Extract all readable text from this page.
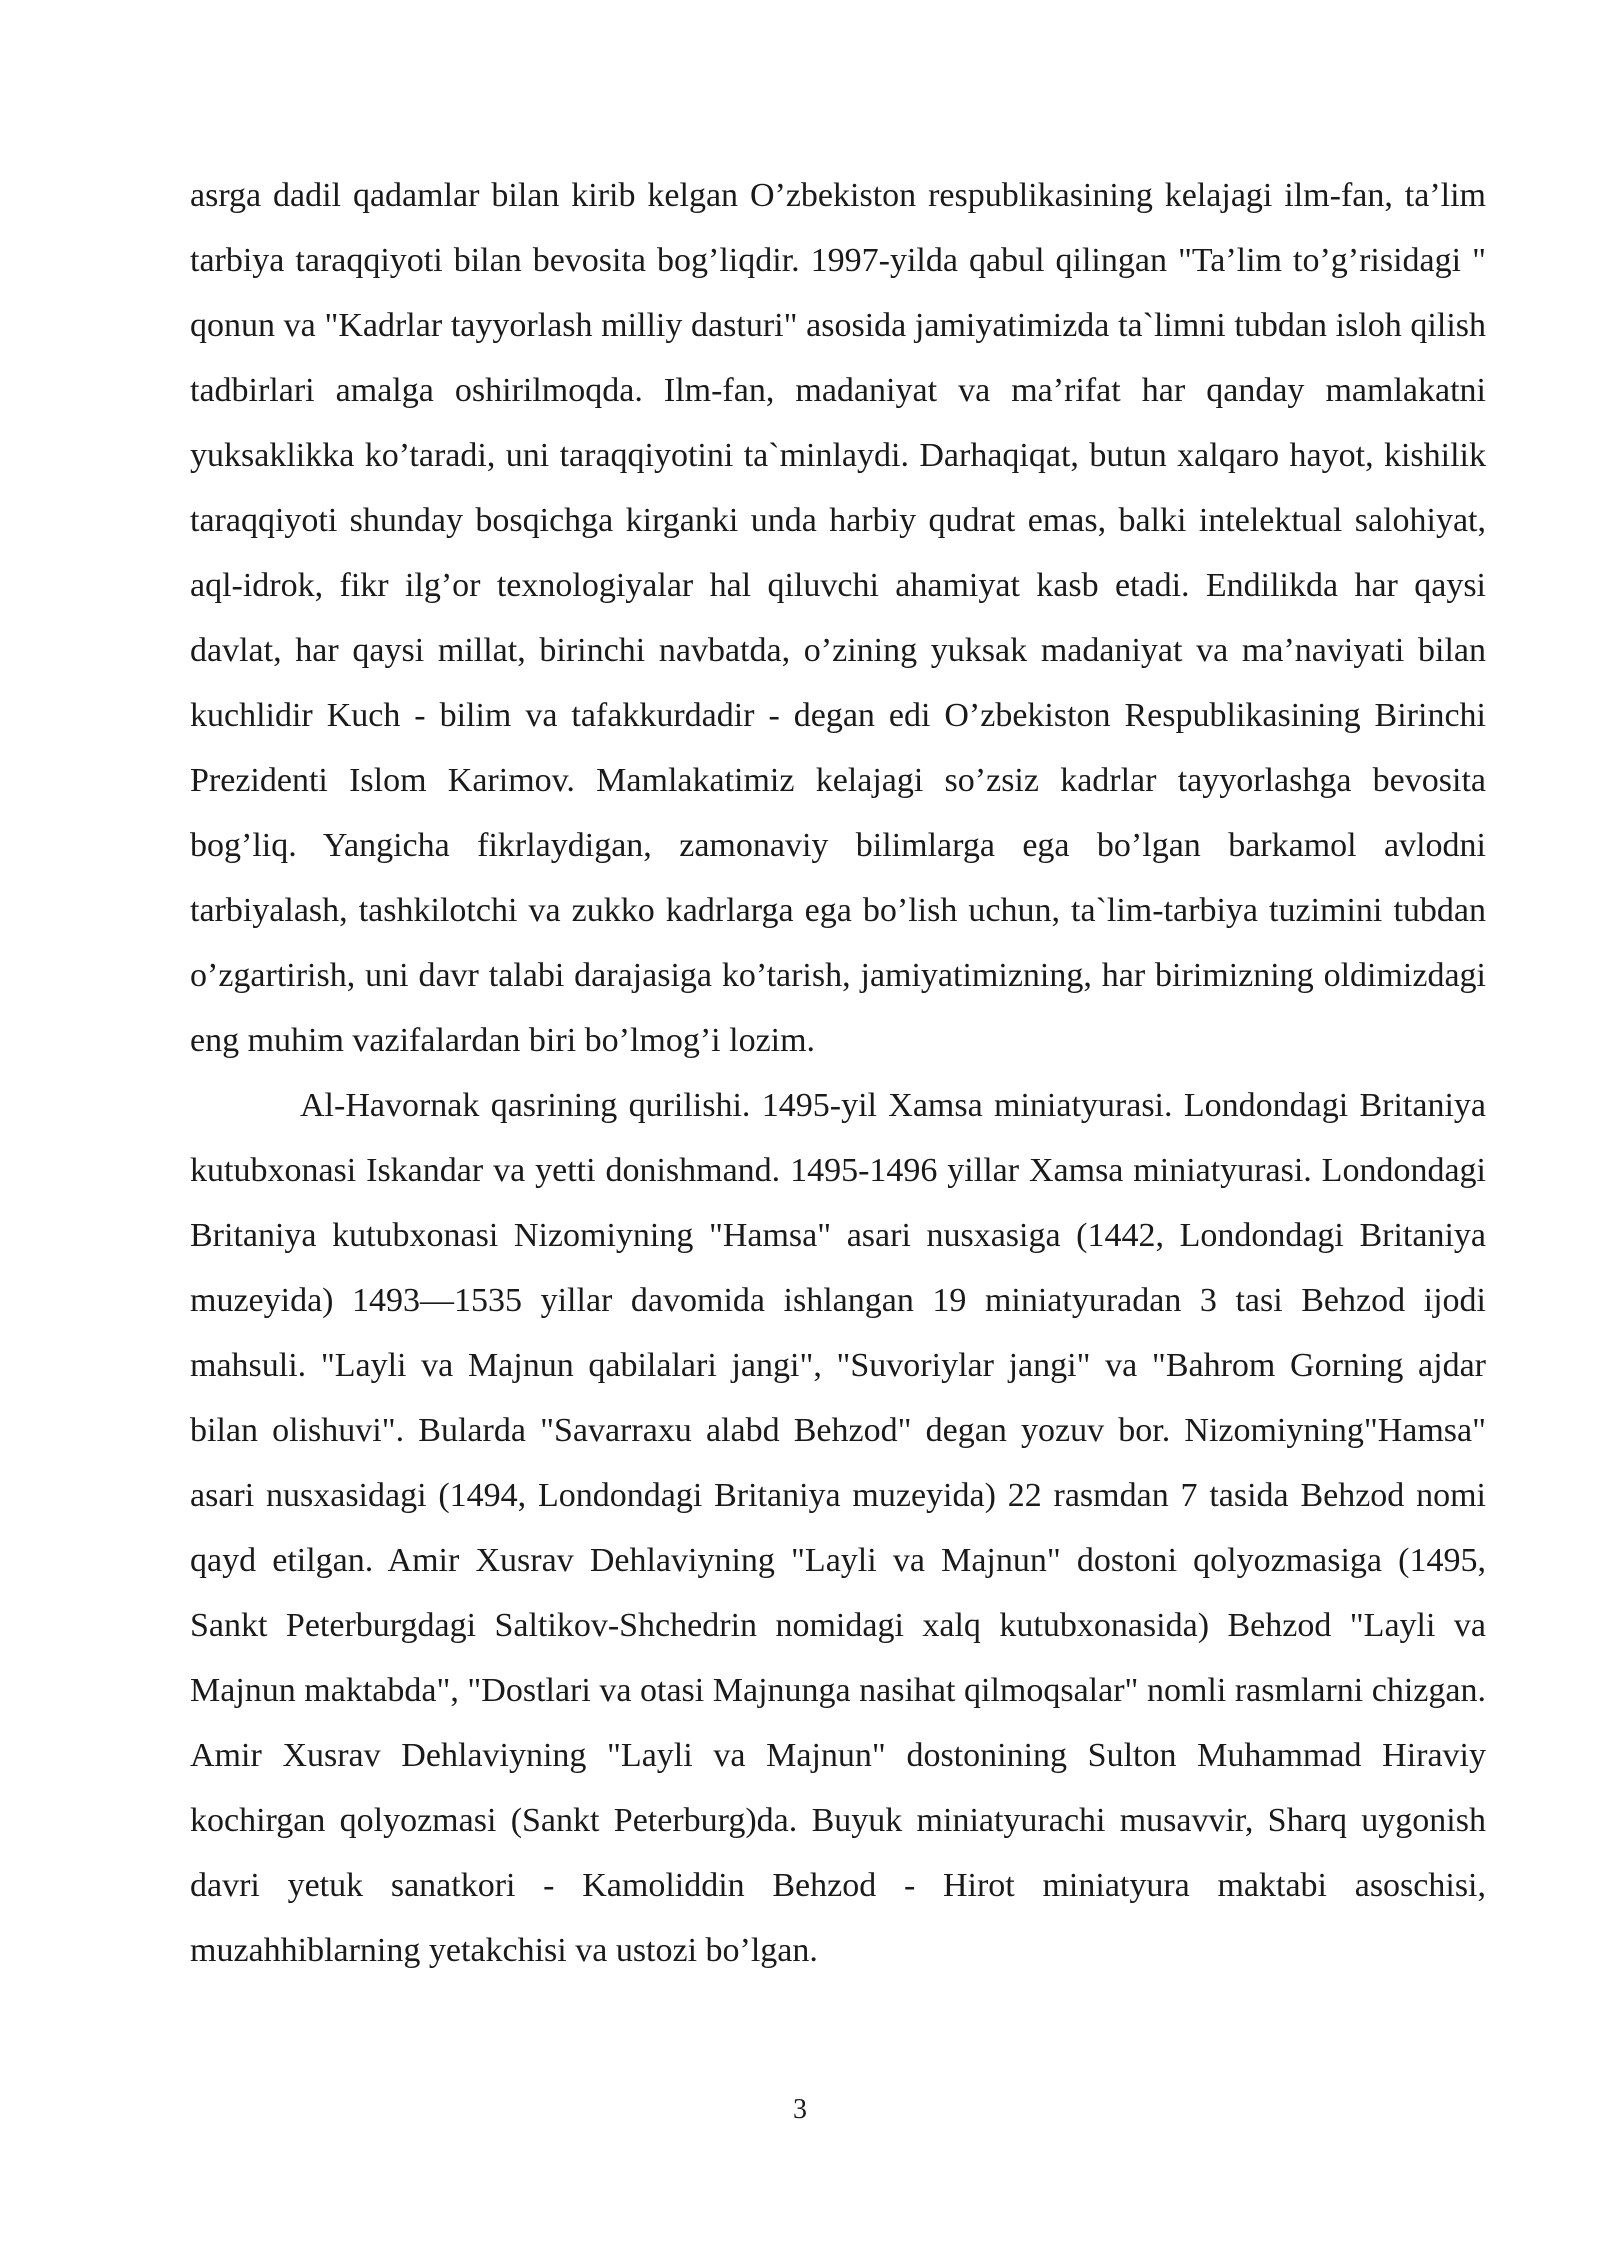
asrga dadil qadamlar bilan kirib kelgan O’zbekiston respublikasining kelajagi ilm-fan, ta’lim tarbiya taraqqiyoti bilan bevosita bog’liqdir. 1997-yilda qabul qilingan "Ta’lim to’g’risidagi " qonun va "Kadrlar tayyorlash milliy dasturi" asosida jamiyatimizda ta`limni tubdan isloh qilish tadbirlari amalga oshirilmoqda. Ilm-fan, madaniyat va ma’rifat har qanday mamlakatni yuksaklikka ko’taradi, uni taraqqiyotini ta`minlaydi. Darhaqiqat, butun xalqaro hayot, kishilik taraqqiyoti shunday bosqichga kirganki unda harbiy qudrat emas, balki intelektual salohiyat, aql-idrok, fikr ilg’or texnologiyalar hal qiluvchi ahamiyat kasb etadi. Endilikda har qaysi davlat, har qaysi millat, birinchi navbatda, o’zining yuksak madaniyat va ma’naviyati bilan kuchlidir Kuch - bilim va tafakkurdadir - degan edi O’zbekiston Respublikasining Birinchi Prezidenti Islom Karimov. Mamlakatimiz kelajagi so’zsiz kadrlar tayyorlashga bevosita bog’liq. Yangicha fikrlaydigan, zamonaviy bilimlarga ega bo’lgan barkamol avlodni tarbiyalash, tashkilotchi va zukko kadrlarga ega bo’lish uchun, ta`lim-tarbiya tuzimini tubdan o’zgartirish, uni davr talabi darajasiga ko’tarish, jamiyatimizning, har birimizning oldimizdagi eng muhim vazifalardan biri bo’lmog’i lozim.

Al-Havornak qasrining qurilishi. 1495-yil Xamsa miniatyurasi. Londondagi Britaniya kutubxonasi Iskandar va yetti donishmand. 1495-1496 yillar Xamsa miniatyurasi. Londondagi Britaniya kutubxonasi Nizomiyning "Hamsa" asari nusxasiga (1442, Londondagi Britaniya muzeyida) 1493—1535 yillar davomida ishlangan 19 miniatyuradan 3 tasi Behzod ijodi mahsuli. "Layli va Majnun qabilalari jangi", "Suvoriylar jangi" va "Bahrom Gorning ajdar bilan olishuvi". Bularda "Savarraxu alabd Behzod" degan yozuv bor. Nizomiyning"Hamsa" asari nusxasidagi (1494, Londondagi Britaniya muzeyida) 22 rasmdan 7 tasida Behzod nomi qayd etilgan. Amir Xusrav Dehlaviyning "Layli va Majnun" dostoni qolyozmasiga (1495, Sankt Peterburgdagi Saltikov-Shchedrin nomidagi xalq kutubxonasida) Behzod "Layli va Majnun maktabda", "Dostlari va otasi Majnunga nasihat qilmoqsalar" nomli rasmlarni chizgan. Amir Xusrav Dehlaviyning "Layli va Majnun" dostonining Sulton Muhammad Hiraviy kochirgan qolyozmasi (Sankt Peterburg)da. Buyuk miniatyurachi musavvir, Sharq uygonish davri yetuk sanatkori - Kamoliddin Behzod - Hirot miniatyura maktabi asoschisi, muzahhiblarning yetakchisi va ustozi bo’lgan.

3
